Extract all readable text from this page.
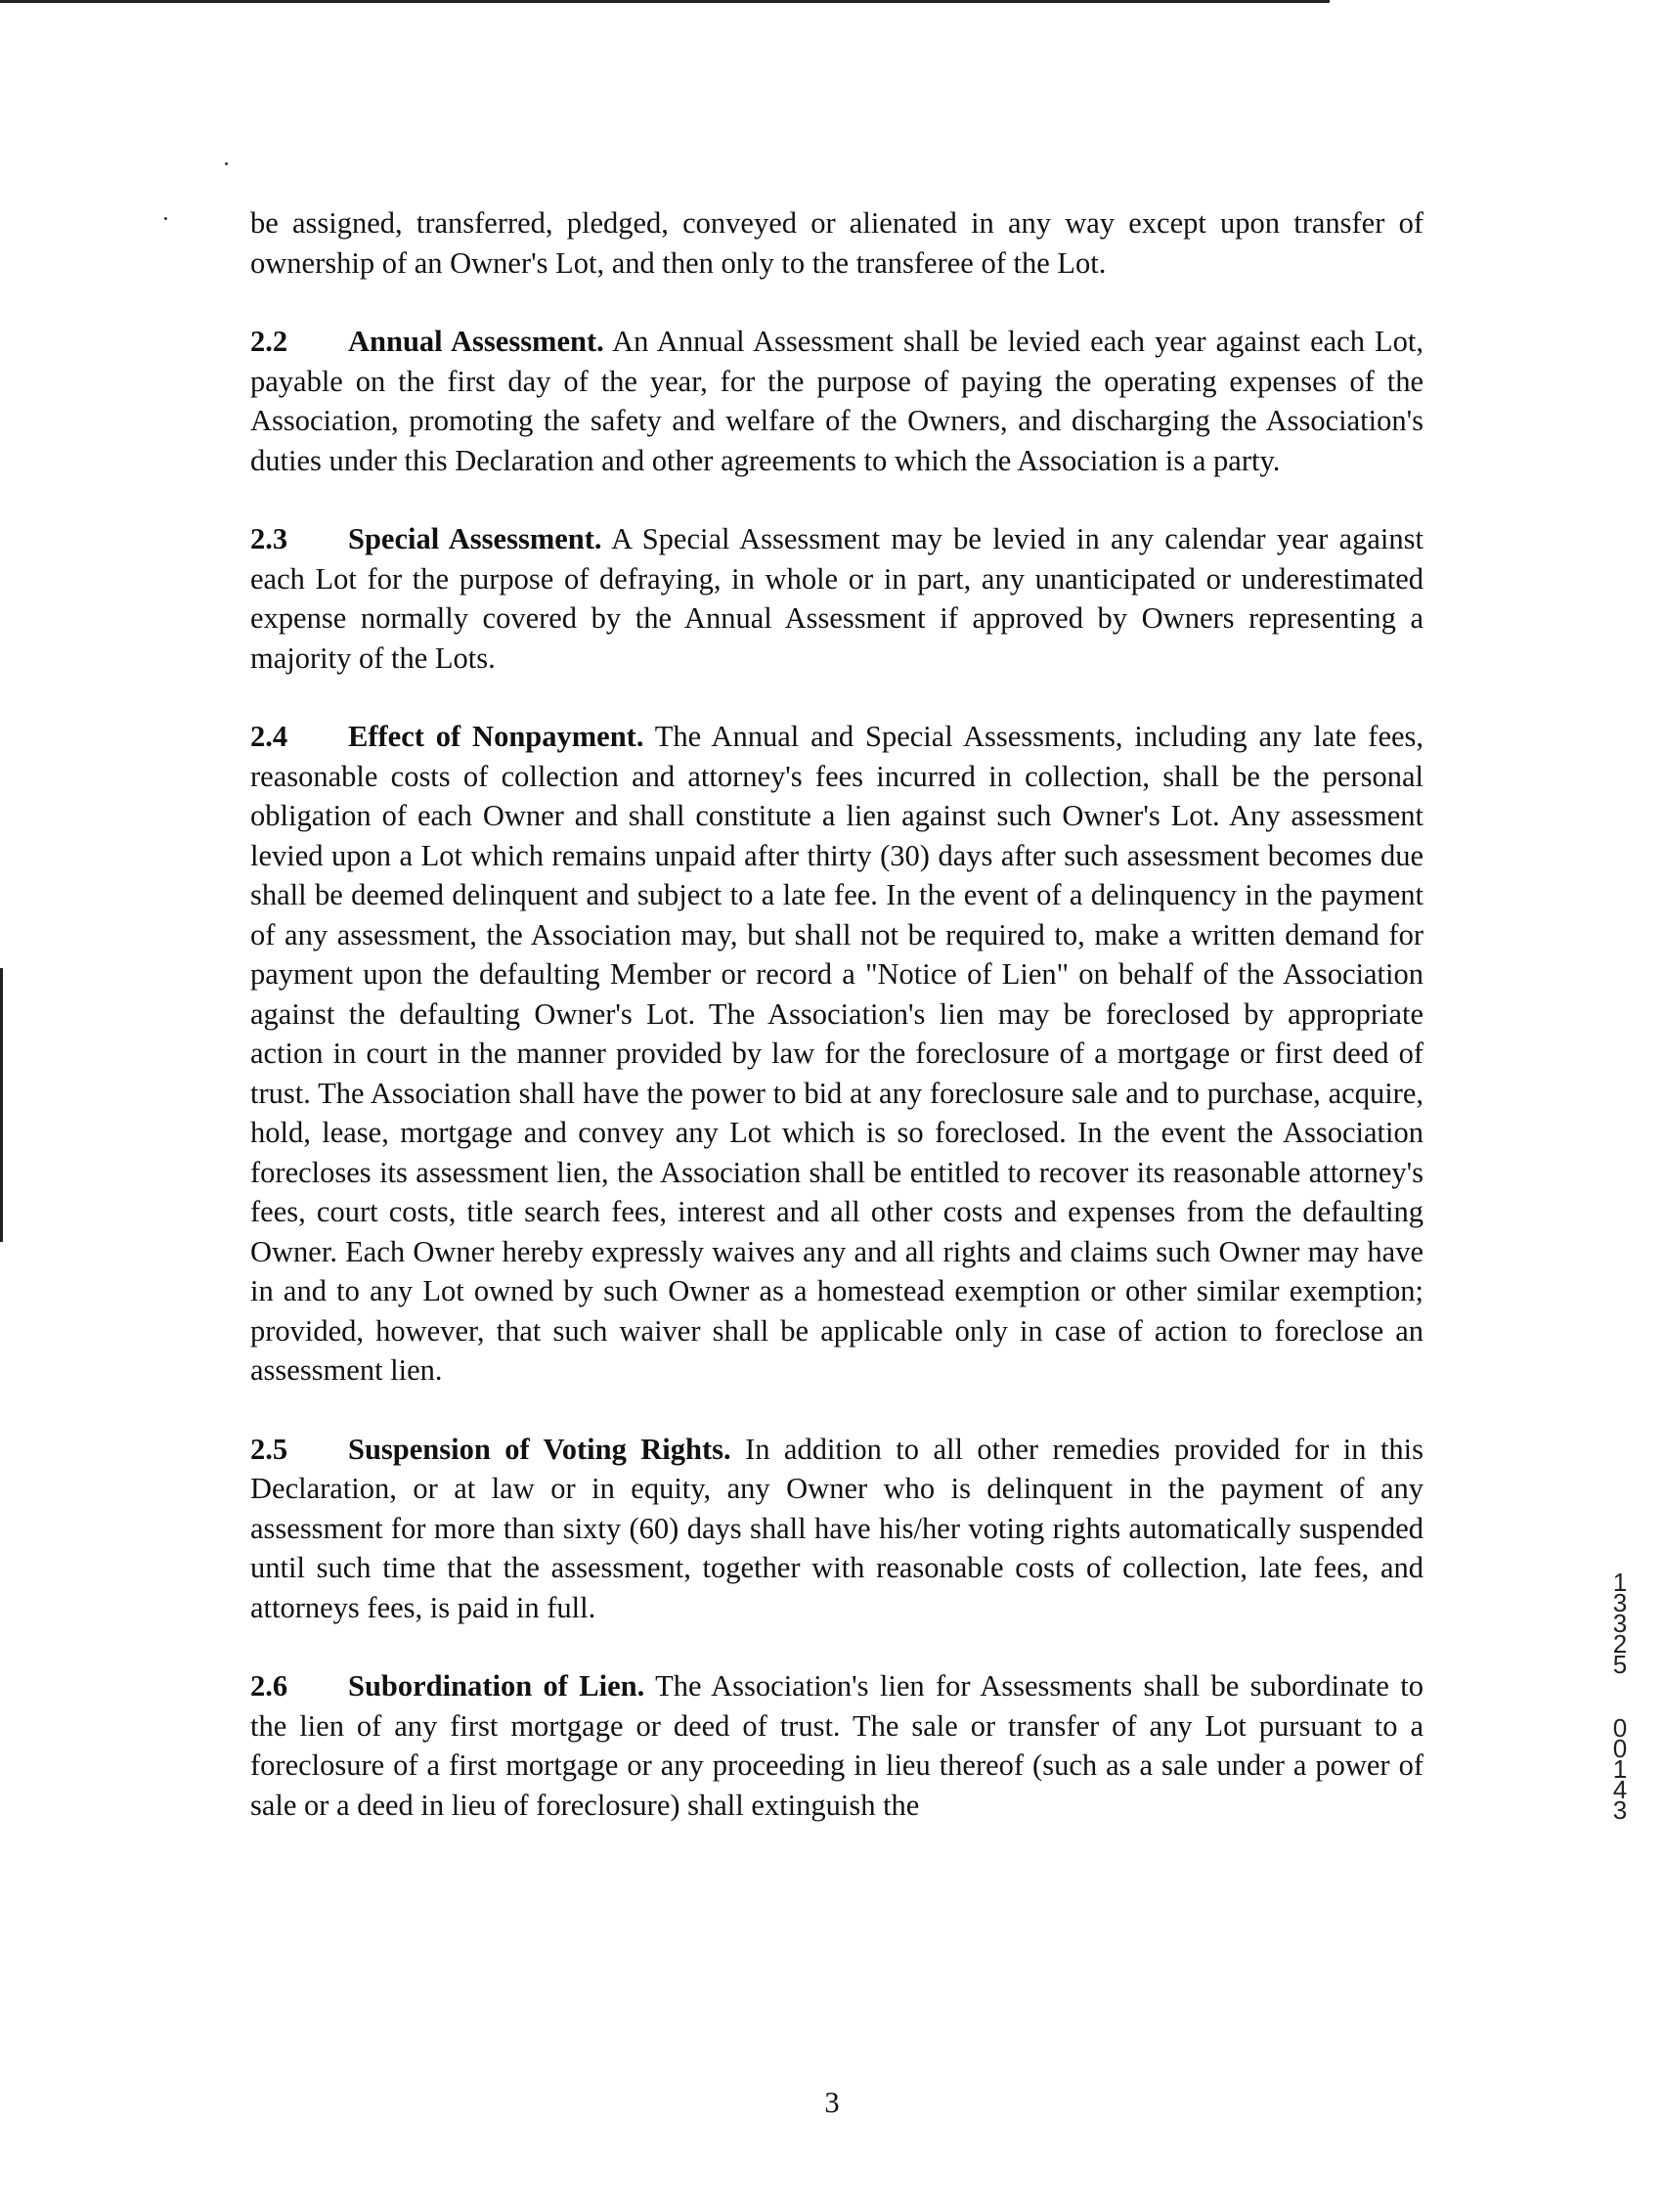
be assigned, transferred, pledged, conveyed or alienated in any way except upon transfer of ownership of an Owner's Lot, and then only to the transferee of the Lot.

2.2 Annual Assessment. An Annual Assessment shall be levied each year against each Lot, payable on the first day of the year, for the purpose of paying the operating expenses of the Association, promoting the safety and welfare of the Owners, and discharging the Association's duties under this Declaration and other agreements to which the Association is a party.

2.3 Special Assessment. A Special Assessment may be levied in any calendar year against each Lot for the purpose of defraying, in whole or in part, any unanticipated or underestimated expense normally covered by the Annual Assessment if approved by Owners representing a majority of the Lots.

2.4 Effect of Nonpayment. The Annual and Special Assessments, including any late fees, reasonable costs of collection and attorney's fees incurred in collection, shall be the personal obligation of each Owner and shall constitute a lien against such Owner's Lot. Any assessment levied upon a Lot which remains unpaid after thirty (30) days after such assessment becomes due shall be deemed delinquent and subject to a late fee. In the event of a delinquency in the payment of any assessment, the Association may, but shall not be required to, make a written demand for payment upon the defaulting Member or record a "Notice of Lien" on behalf of the Association against the defaulting Owner's Lot. The Association's lien may be foreclosed by appropriate action in court in the manner provided by law for the foreclosure of a mortgage or first deed of trust. The Association shall have the power to bid at any foreclosure sale and to purchase, acquire, hold, lease, mortgage and convey any Lot which is so foreclosed. In the event the Association forecloses its assessment lien, the Association shall be entitled to recover its reasonable attorney's fees, court costs, title search fees, interest and all other costs and expenses from the defaulting Owner. Each Owner hereby expressly waives any and all rights and claims such Owner may have in and to any Lot owned by such Owner as a homestead exemption or other similar exemption; provided, however, that such waiver shall be applicable only in case of action to foreclose an assessment lien.

2.5 Suspension of Voting Rights. In addition to all other remedies provided for in this Declaration, or at law or in equity, any Owner who is delinquent in the payment of any assessment for more than sixty (60) days shall have his/her voting rights automatically suspended until such time that the assessment, together with reasonable costs of collection, late fees, and attorneys fees, is paid in full.

2.6 Subordination of Lien. The Association's lien for Assessments shall be subordinate to the lien of any first mortgage or deed of trust. The sale or transfer of any Lot pursuant to a foreclosure of a first mortgage or any proceeding in lieu thereof (such as a sale under a power of sale or a deed in lieu of foreclosure) shall extinguish the

13325
00143
3
